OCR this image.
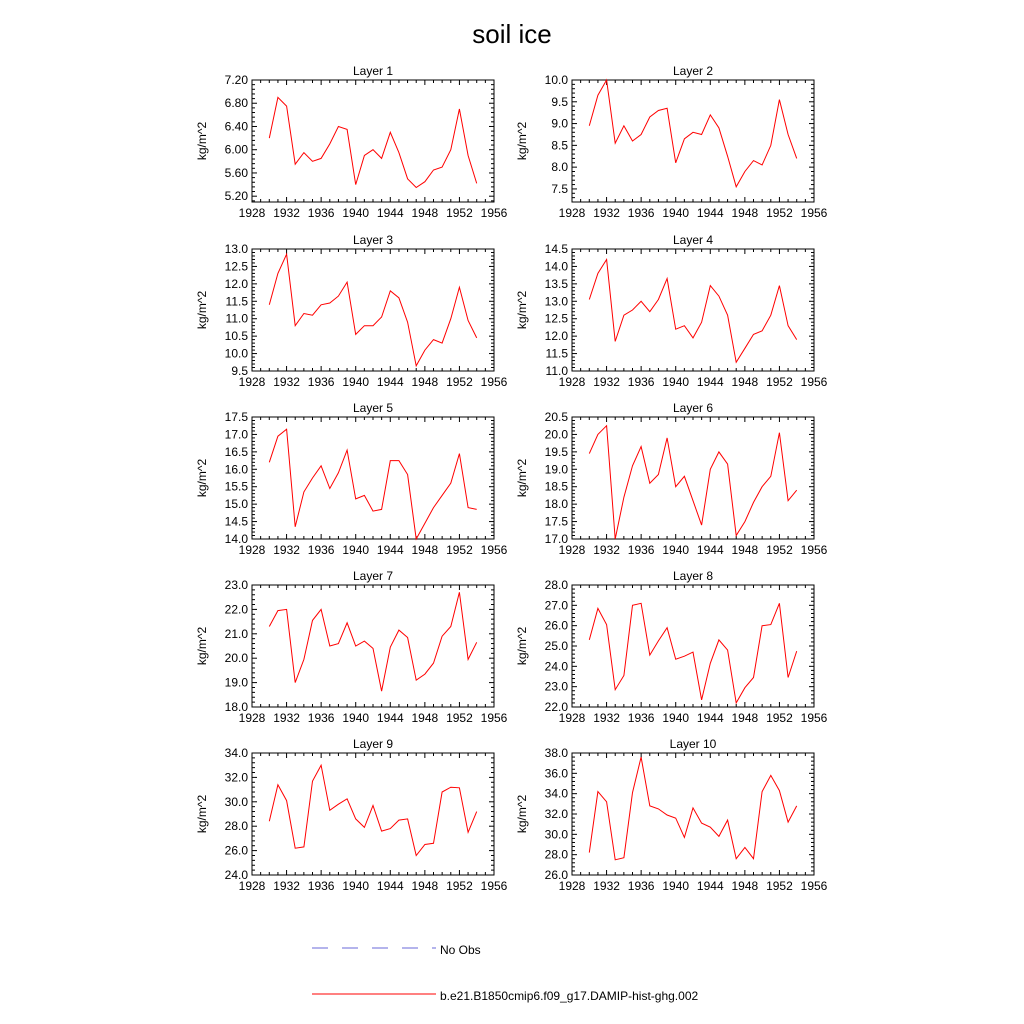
soil ice
Layer 1
1928 1932 1936 1940 1944 1948 1952 1956
5.20
5.60
6.00
6.40
6.80
7.20
kg/m^2
Layer 2
1928 1932 1936 1940 1944 1948 1952 1956
7.5
8.0
8.5
9.0
9.5
10.0
kg/m^2
Layer 3
1928 1932 1936 1940 1944 1948 1952 1956
9.5
10.0
10.5
11.0
11.5
12.0
12.5
13.0
kg/m^2
Layer 4
1928 1932 1936 1940 1944 1948 1952 1956
11.0
11.5
12.0
12.5
13.0
13.5
14.0
14.5
kg/m^2
Layer 5
1928 1932 1936 1940 1944 1948 1952 1956
14.0
14.5
15.0
15.5
16.0
16.5
17.0
17.5
kg/m^2
Layer 6
1928 1932 1936 1940 1944 1948 1952 1956
17.0
17.5
18.0
18.5
19.0
19.5
20.0
20.5
kg/m^2
Layer 7
1928 1932 1936 1940 1944 1948 1952 1956
18.0
19.0
20.0
21.0
22.0
23.0
kg/m^2
Layer 8
1928 1932 1936 1940 1944 1948 1952 1956
22.0
23.0
24.0
25.0
26.0
27.0
28.0
kg/m^2
Layer 9
1928 1932 1936 1940 1944 1948 1952 1956
24.0
26.0
28.0
30.0
32.0
34.0
kg/m^2
Layer 10
1928 1932 1936 1940 1944 1948 1952 1956
26.0
28.0
30.0
32.0
34.0
36.0
38.0
kg/m^2
No Obs
b.e21.B1850cmip6.f09_g17.DAMIP-hist-ghg.002
